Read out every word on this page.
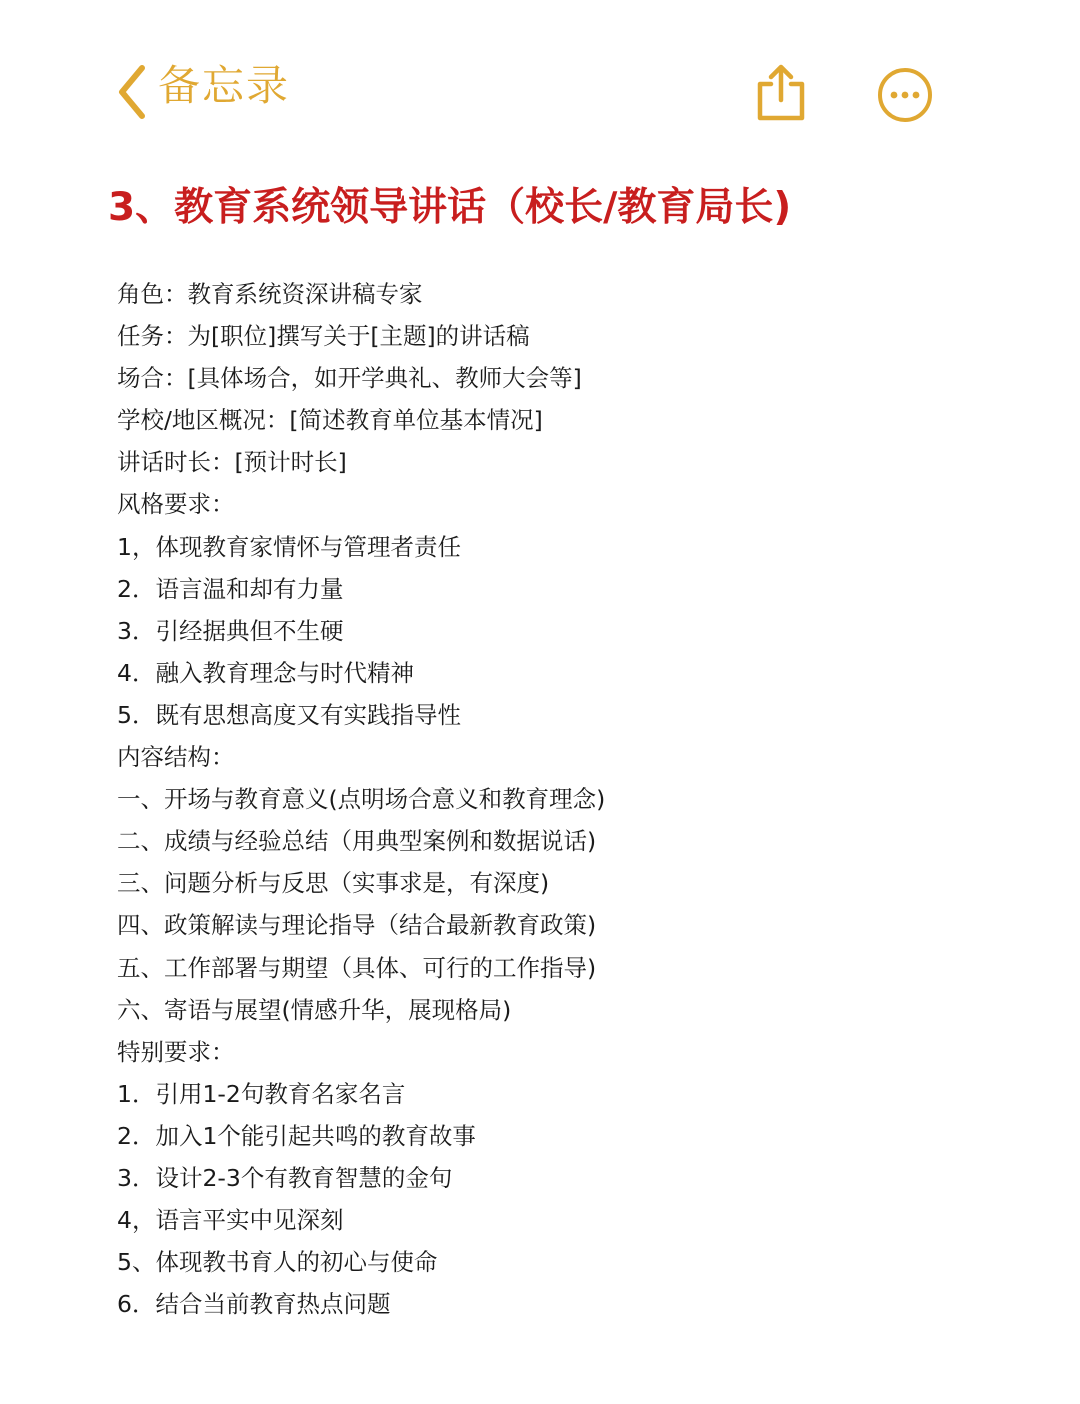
备忘录
3、教育系统领导讲话（校长/教育局长)
角色：教育系统资深讲稿专家
任务：为[职位]撰写关于[主题]的讲话稿
场合：[具体场合，如开学典礼、教师大会等]
学校/地区概况：[简述教育单位基本情况]
讲话时长：[预计时长]
风格要求：
1，体现教育家情怀与管理者责任
2．语言温和却有力量
3．引经据典但不生硬
4．融入教育理念与时代精神
5．既有思想高度又有实践指导性
内容结构：
一、开场与教育意义(点明场合意义和教育理念)
二、成绩与经验总结（用典型案例和数据说话)
三、问题分析与反思（实事求是，有深度)
四、政策解读与理论指导（结合最新教育政策)
五、工作部署与期望（具体、可行的工作指导)
六、寄语与展望(情感升华，展现格局)
特别要求：
1．引用1-2句教育名家名言
2．加入1个能引起共鸣的教育故事
3．设计2-3个有教育智慧的金句
4，语言平实中见深刻
5、体现教书育人的初心与使命
6．结合当前教育热点问题
